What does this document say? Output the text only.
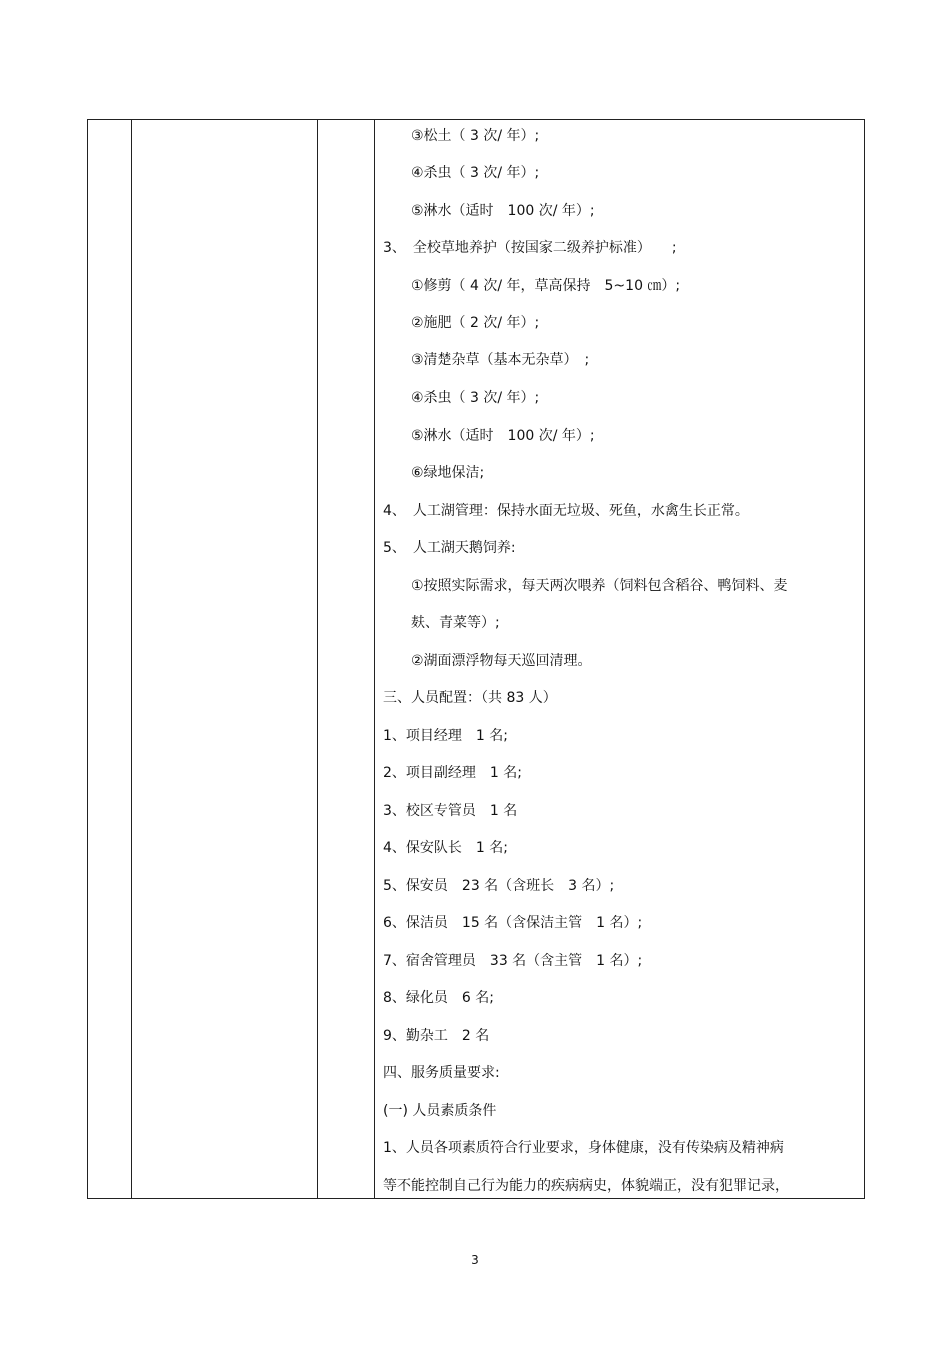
③松土（ 3 次/ 年）;
④杀虫（ 3 次/ 年）;
⑤淋水（适时　100 次/ 年）;
3、　全校草地养护（按国家二级养护标准）　　;
①修剪（ 4 次/ 年，草高保持　5~10 ㎝）;
②施肥（ 2 次/ 年）;
③清楚杂草（基本无杂草）　;
④杀虫（ 3 次/ 年）;
⑤淋水（适时　100 次/ 年）;
⑥绿地保洁;
4、　人工湖管理：保持水面无垃圾、死鱼，水禽生长正常。
5、　人工湖天鹅饲养:
①按照实际需求，每天两次喂养（饲料包含稻谷、鸭饲料、麦
麸、青菜等）;
②湖面漂浮物每天巡回清理。
三、人员配置：（共 83 人）
1、项目经理　1 名;
2、项目副经理　1 名;
3、校区专管员　1 名
4、保安队长　1 名;
5、保安员　23 名（含班长　3 名）;
6、保洁员　15 名（含保洁主管　1 名）;
7、宿舍管理员　33 名（含主管　1 名）;
8、绿化员　6 名;
9、勤杂工　2 名
四、服务质量要求:
(一) 人员素质条件
1、人员各项素质符合行业要求，身体健康，没有传染病及精神病
等不能控制自己行为能力的疾病病史，体貌端正，没有犯罪记录，
3
